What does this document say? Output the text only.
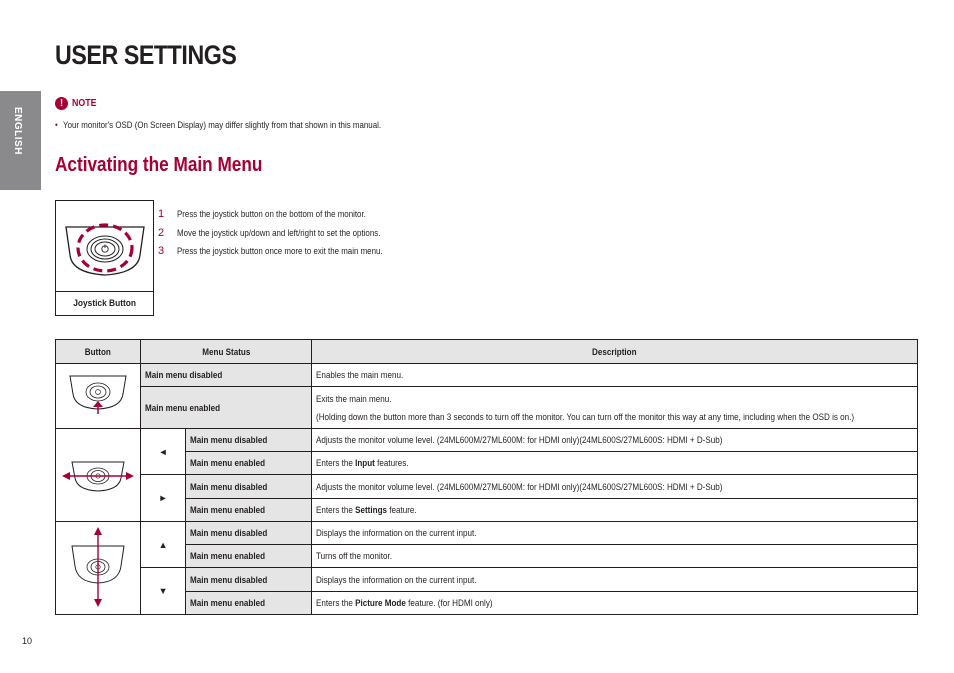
USER SETTINGS
ENGLISH
! NOTE
• Your monitor's OSD (On Screen Display) may differ slightly from that shown in this manual.
Activating the Main Menu
Joystick Button
1	Press the joystick button on the bottom of the monitor.
2	Move the joystick up/down and left/right to set the options.
3	Press the joystick button once more to exit the main menu.
Button	Menu Status		Description
	Main menu disabled		Enables the main menu.
	Main menu enabled		Exits the main menu.
(Holding down the button more than 3 seconds to turn off the monitor. You can turn off the monitor this way at any time, including when the OSD is on.)

	◄	Main menu disabled	Adjusts the monitor volume level. (24ML600M/27ML600M: for HDMI only)(24ML600S/27ML600S: HDMI + D-Sub)
		Main menu enabled	Enters the Input features.
	►	Main menu disabled	Adjusts the monitor volume level. (24ML600M/27ML600M: for HDMI only)(24ML600S/27ML600S: HDMI + D-Sub)
		Main menu enabled	Enters the Settings feature.
	▲	Main menu disabled	Displays the information on the current input.
		Main menu enabled	Turns off the monitor.
	▼	Main menu disabled	Displays the information on the current input.
		Main menu enabled	Enters the Picture Mode feature. (for HDMI only)
10
